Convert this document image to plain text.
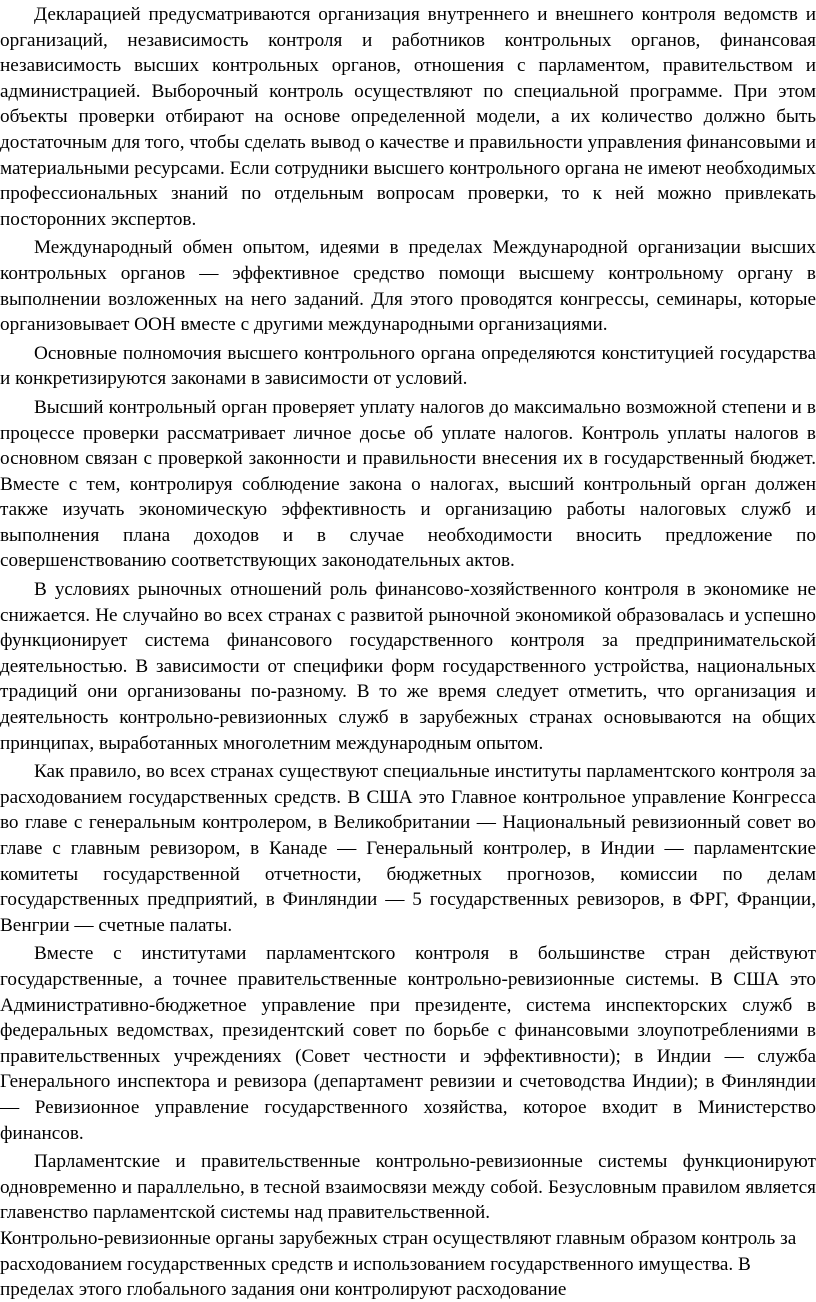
Декларацией предусматриваются организация внутреннего и внешнего контроля ведомств и организаций, независимость контроля и работников контрольных органов, финансовая независимость высших контрольных органов, отношения с парламентом, правительством и администрацией. Выборочный контроль осуществляют по специальной программе. При этом объекты проверки отбирают на основе определенной модели, а их количество должно быть достаточным для того, чтобы сделать вывод о качестве и правильности управления финансовыми и материальными ресурсами. Если сотрудники высшего контрольного органа не имеют необходимых профессиональных знаний по отдельным вопросам проверки, то к ней можно привлекать посторонних экспертов.

Международный обмен опытом, идеями в пределах Международной организации высших контрольных органов — эффективное средство помощи высшему контрольному органу в выполнении возложенных на него заданий. Для этого проводятся конгрессы, семинары, которые организовывает ООН вместе с другими международными организациями.

Основные полномочия высшего контрольного органа определяются конституцией государства и конкретизируются законами в зависимости от условий.

Высший контрольный орган проверяет уплату налогов до максимально возможной степени и в процессе проверки рассматривает личное досье об уплате налогов. Контроль уплаты налогов в основном связан с проверкой законности и правильности внесения их в государственный бюджет. Вместе с тем, контролируя соблюдение закона о налогах, высший контрольный орган должен также изучать экономическую эффективность и организацию работы налоговых служб и выполнения плана доходов и в случае необходимости вносить предложение по совершенствованию соответствующих законодательных актов.

В условиях рыночных отношений роль финансово-хозяйственного контроля в экономике не снижается. Не случайно во всех странах с развитой рыночной экономикой образовалась и успешно функционирует система финансового государственного контроля за предпринимательской деятельностью. В зависимости от специфики форм государственного устройства, национальных традиций они организованы по-разному. В то же время следует отметить, что организация и деятельность контрольно-ревизионных служб в зарубежных странах основываются на общих принципах, выработанных многолетним международным опытом.

Как правило, во всех странах существуют специальные институты парламентского контроля за расходованием государственных средств. В США это Главное контрольное управление Конгресса во главе с генеральным контролером, в Великобритании — Национальный ревизионный совет во главе с главным ревизором, в Канаде — Генеральный контролер, в Индии — парламентские комитеты государственной отчетности, бюджетных прогнозов, комиссии по делам государственных предприятий, в Финляндии — 5 государственных ревизоров, в ФРГ, Франции, Венгрии — счетные палаты.

Вместе с институтами парламентского контроля в большинстве стран действуют государственные, а точнее правительственные контрольно-ревизионные системы. В США это Административно-бюджетное управление при президенте, система инспекторских служб в федеральных ведомствах, президентский совет по борьбе с финансовыми злоупотреблениями в правительственных учреждениях (Совет честности и эффективности); в Индии — служба Генерального инспектора и ревизора (департамент ревизии и счетоводства Индии); в Финляндии — Ревизионное управление государственного хозяйства, которое входит в Министерство финансов.

Парламентские и правительственные контрольно-ревизионные системы функционируют одновременно и параллельно, в тесной взаимосвязи между собой. Безусловным правилом является главенство парламентской системы над правительственной.

Контрольно-ревизионные органы зарубежных стран осуществляют главным образом контроль за расходованием государственных средств и использованием государственного имущества. В пределах этого глобального задания они контролируют расходование
